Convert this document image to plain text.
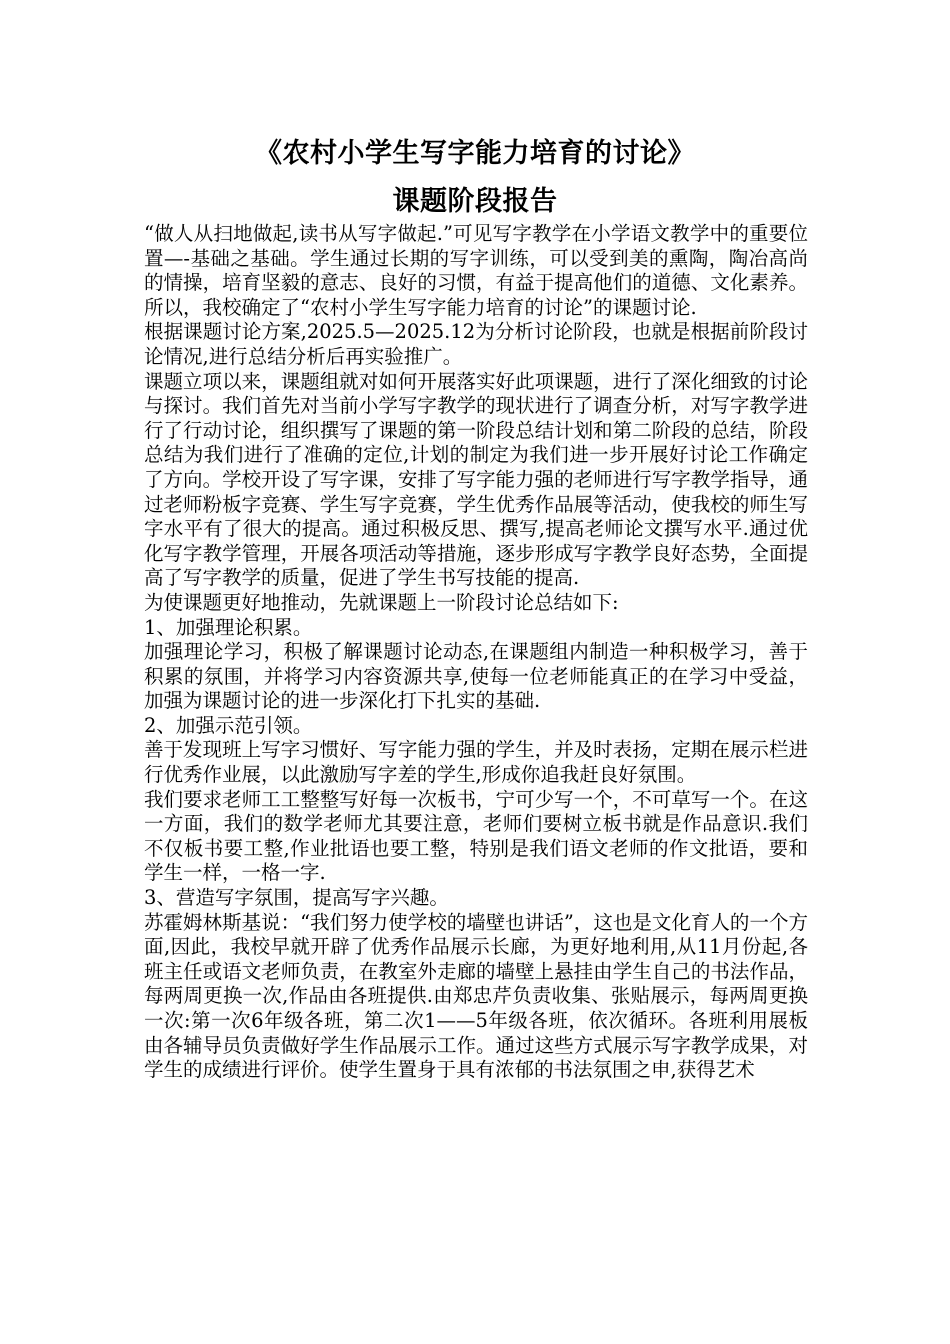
《农村小学生写字能力培育的讨论》
课题阶段报告

“做人从扫地做起,读书从写字做起.”可见写字教学在小学语文教学中的重要位置—-基础之基础。学生通过长期的写字训练，可以受到美的熏陶，陶冶高尚的情操，培育坚毅的意志、良好的习惯，有益于提高他们的道德、文化素养。所以，我校确定了“农村小学生写字能力培育的讨论”的课题讨论.

根据课题讨论方案,2025.5—2025.12为分析讨论阶段，也就是根据前阶段讨论情况,进行总结分析后再实验推广。

课题立项以来，课题组就对如何开展落实好此项课题，进行了深化细致的讨论与探讨。我们首先对当前小学写字教学的现状进行了调查分析，对写字教学进行了行动讨论，组织撰写了课题的第一阶段总结计划和第二阶段的总结，阶段总结为我们进行了准确的定位,计划的制定为我们进一步开展好讨论工作确定了方向。学校开设了写字课，安排了写字能力强的老师进行写字教学指导，通过老师粉板字竞赛、学生写字竞赛，学生优秀作品展等活动，使我校的师生写字水平有了很大的提高。通过积极反思、撰写,提高老师论文撰写水平.通过优化写字教学管理，开展各项活动等措施，逐步形成写字教学良好态势，全面提高了写字教学的质量，促进了学生书写技能的提高.

为使课题更好地推动，先就课题上一阶段讨论总结如下:

1、加强理论积累。

加强理论学习，积极了解课题讨论动态,在课题组内制造一种积极学习，善于积累的氛围，并将学习内容资源共享,使每一位老师能真正的在学习中受益，加强为课题讨论的进一步深化打下扎实的基础.

2、加强示范引领。

善于发现班上写字习惯好、写字能力强的学生，并及时表扬，定期在展示栏进行优秀作业展，以此激励写字差的学生,形成你追我赶良好氛围。

我们要求老师工工整整写好每一次板书，宁可少写一个，不可草写一个。在这一方面，我们的数学老师尤其要注意，老师们要树立板书就是作品意识.我们不仅板书要工整,作业批语也要工整，特别是我们语文老师的作文批语，要和学生一样，一格一字.

3、营造写字氛围，提高写字兴趣。

苏霍姆林斯基说：“我们努力使学校的墙壁也讲话”，这也是文化育人的一个方面,因此，我校早就开辟了优秀作品展示长廊，为更好地利用,从11月份起,各班主任或语文老师负责，在教室外走廊的墙壁上悬挂由学生自己的书法作品，每两周更换一次,作品由各班提供.由郑忠芹负责收集、张贴展示，每两周更换一次:第一次6年级各班，第二次1——5年级各班，依次循环。各班利用展板由各辅导员负责做好学生作品展示工作。通过这些方式展示写字教学成果，对学生的成绩进行评价。使学生置身于具有浓郁的书法氛围之申,获得艺术
